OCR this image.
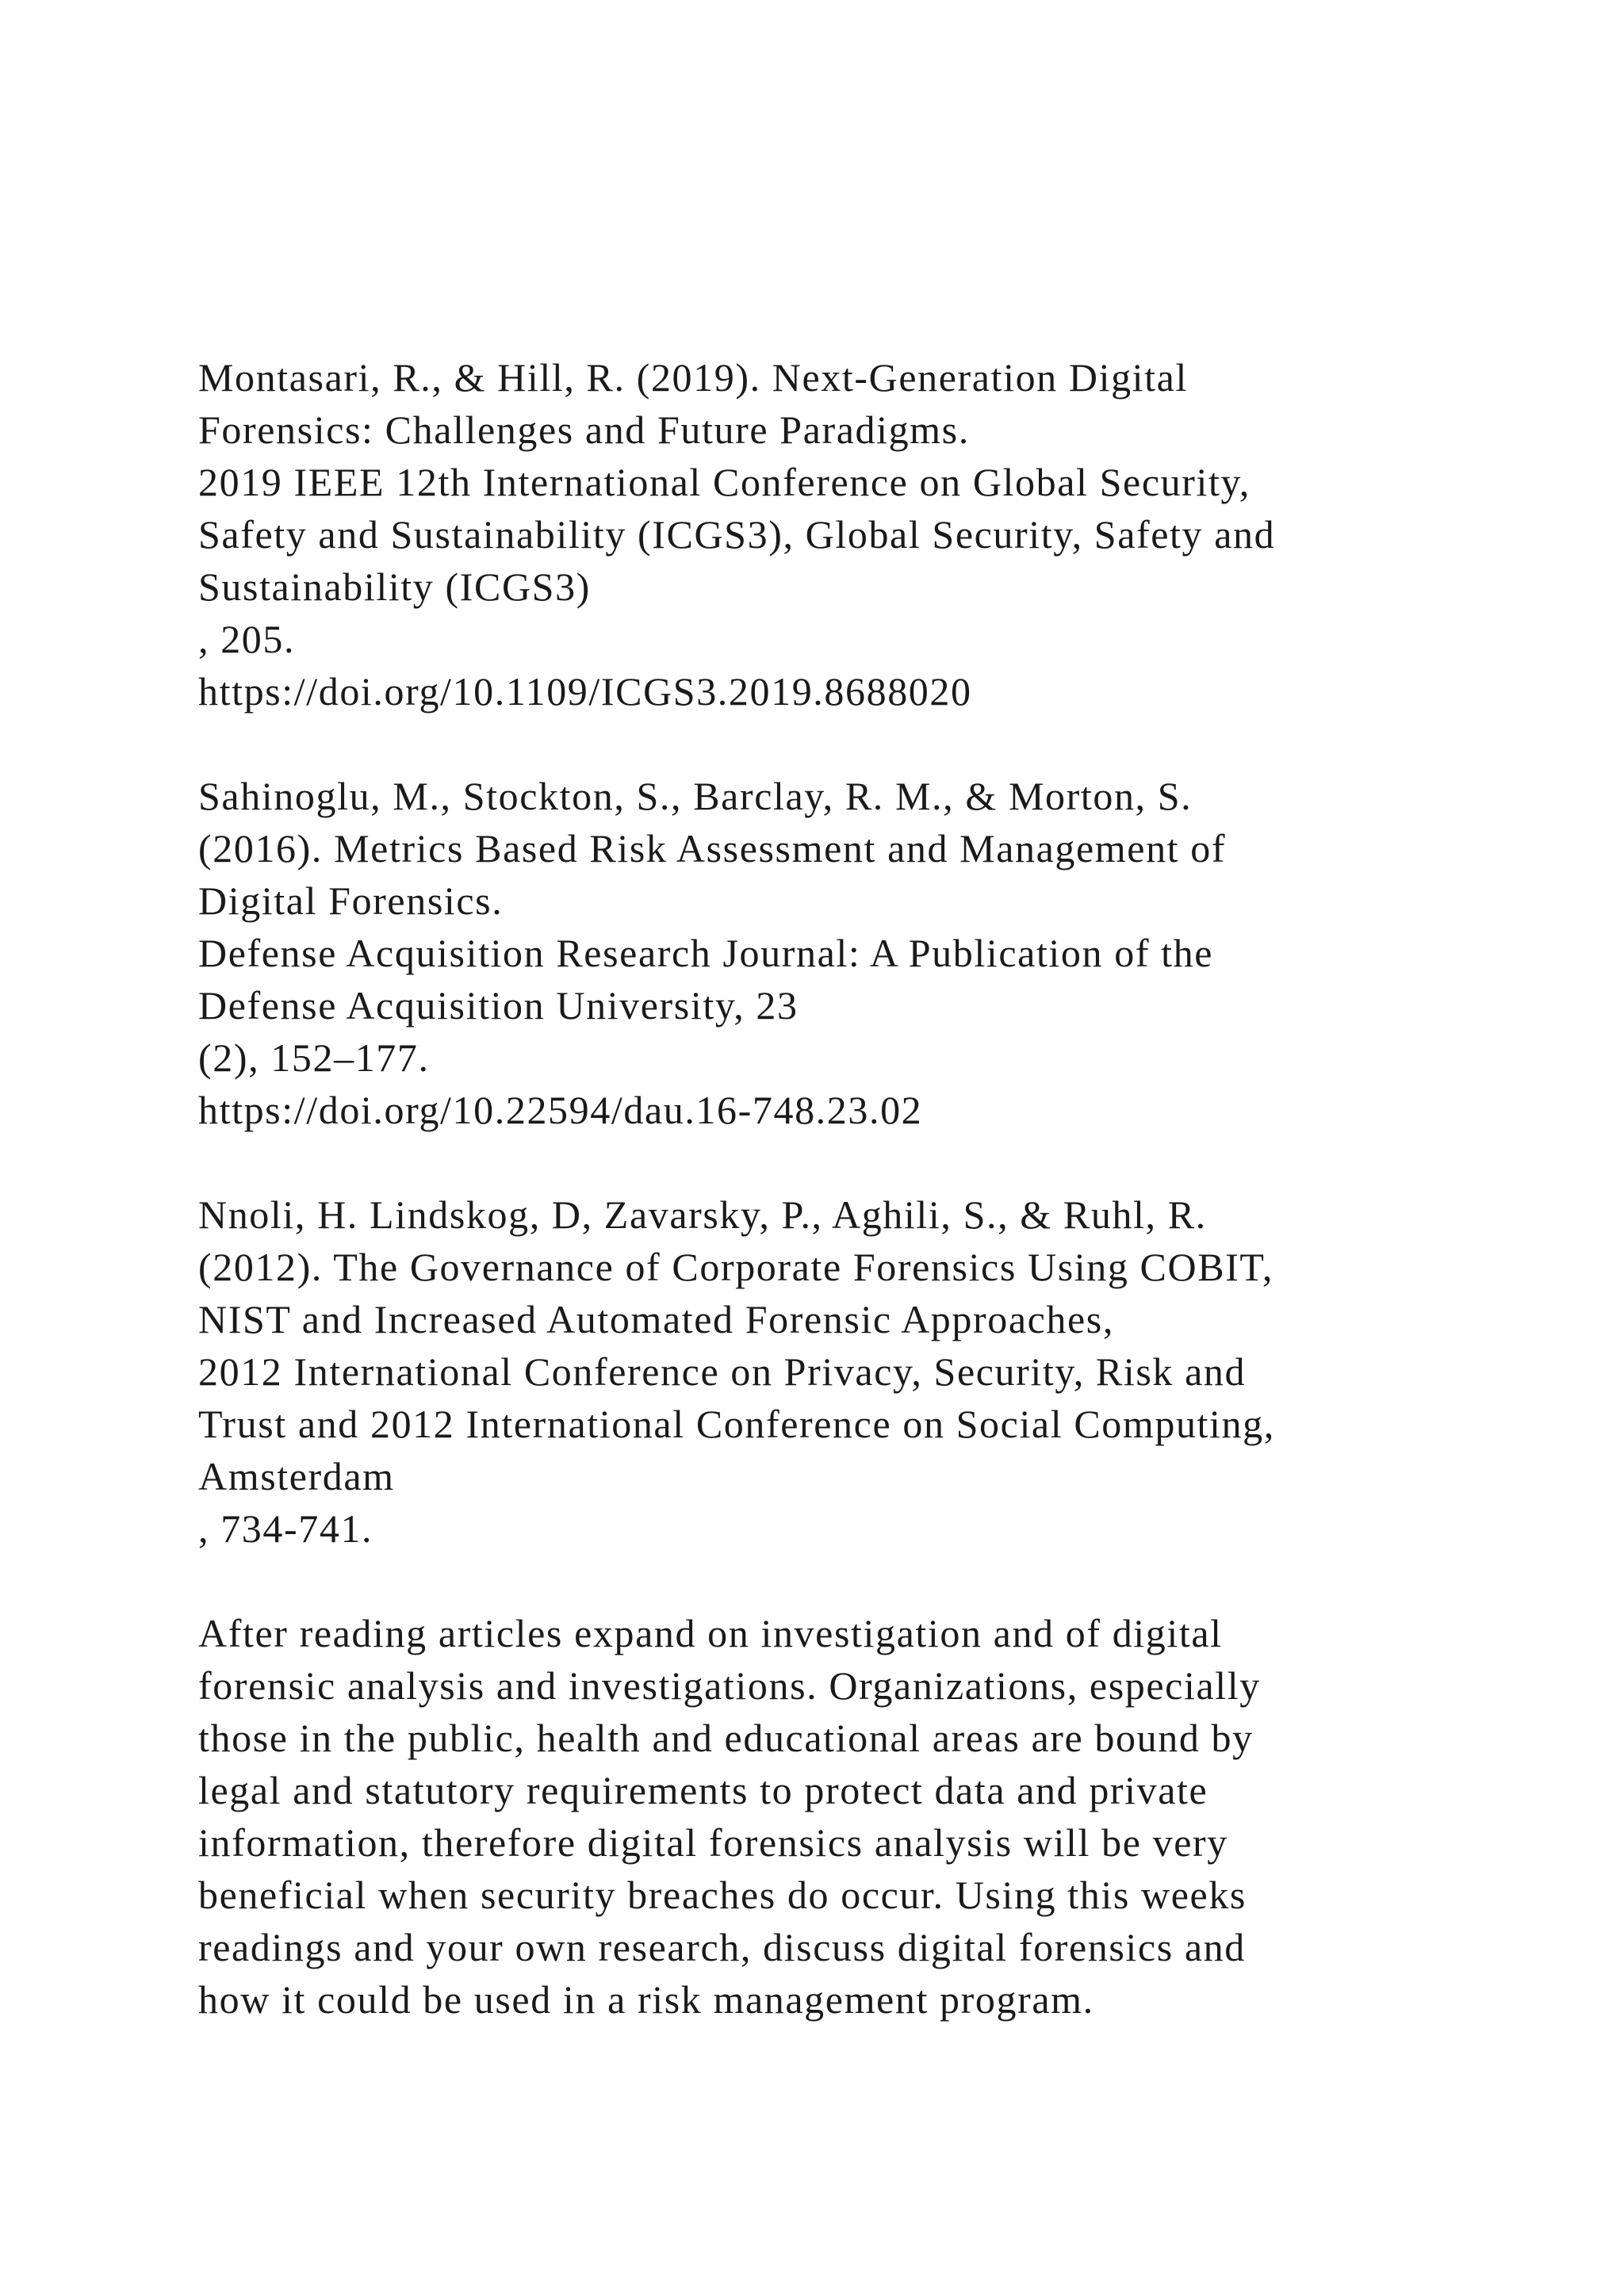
Montasari, R., & Hill, R. (2019). Next-Generation Digital
Forensics: Challenges and Future Paradigms.
2019 IEEE 12th International Conference on Global Security,
Safety and Sustainability (ICGS3), Global Security, Safety and
Sustainability (ICGS3)
, 205.
https://doi.org/10.1109/ICGS3.2019.8688020
Sahinoglu, M., Stockton, S., Barclay, R. M., & Morton, S.
(2016). Metrics Based Risk Assessment and Management of
Digital Forensics.
Defense Acquisition Research Journal: A Publication of the
Defense Acquisition University, 23
(2), 152–177.
https://doi.org/10.22594/dau.16-748.23.02
Nnoli, H. Lindskog, D, Zavarsky, P., Aghili, S., & Ruhl, R.
(2012). The Governance of Corporate Forensics Using COBIT,
NIST and Increased Automated Forensic Approaches,
2012 International Conference on Privacy, Security, Risk and
Trust and 2012 International Conference on Social Computing,
Amsterdam
, 734-741.
After reading articles expand on investigation and of digital
forensic analysis and investigations. Organizations, especially
those in the public, health and educational areas are bound by
legal and statutory requirements to protect data and private
information, therefore digital forensics analysis will be very
beneficial when security breaches do occur. Using this weeks
readings and your own research, discuss digital forensics and
how it could be used in a risk management program.
